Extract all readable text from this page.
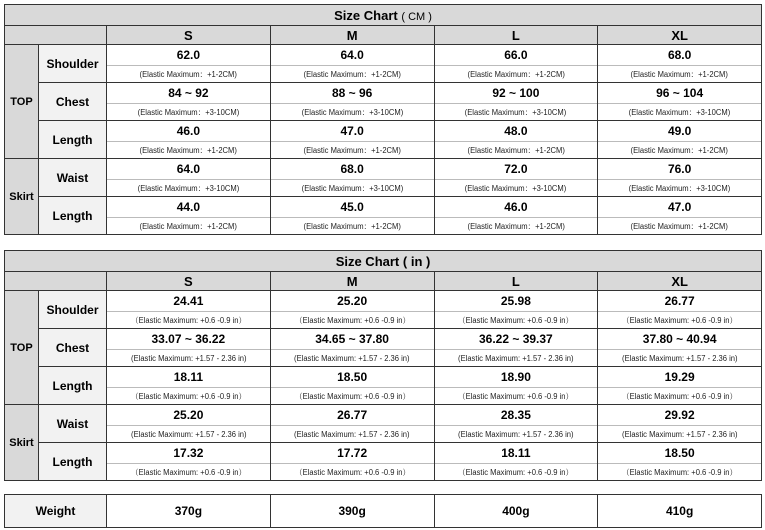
Size Chart ( CM )					
		S	M	L	XL
TOP	Shoulder	62.0	64.0	66.0	68.0
		(Elastic Maximum：+1-2CM)	(Elastic Maximum：+1-2CM)	(Elastic Maximum：+1-2CM)	(Elastic Maximum：+1-2CM)
	Chest	84 ~ 92	88 ~ 96	92 ~ 100	96 ~ 104
		(Elastic Maximum：+3-10CM)	(Elastic Maximum：+3-10CM)	(Elastic Maximum：+3-10CM)	(Elastic Maximum：+3-10CM)
	Length	46.0	47.0	48.0	49.0
		(Elastic Maximum：+1-2CM)	(Elastic Maximum：+1-2CM)	(Elastic Maximum：+1-2CM)	(Elastic Maximum：+1-2CM)
Skirt	Waist	64.0	68.0	72.0	76.0
		(Elastic Maximum：+3-10CM)	(Elastic Maximum：+3-10CM)	(Elastic Maximum：+3-10CM)	(Elastic Maximum：+3-10CM)
	Length	44.0	45.0	46.0	47.0
		(Elastic Maximum：+1-2CM)	(Elastic Maximum：+1-2CM)	(Elastic Maximum：+1-2CM)	(Elastic Maximum：+1-2CM)
Size Chart ( in )					
		S	M	L	XL
TOP	Shoulder	24.41	25.20	25.98	26.77
		（Elastic Maximum: +0.6 -0.9 in）	（Elastic Maximum: +0.6 -0.9 in）	（Elastic Maximum: +0.6 -0.9 in）	（Elastic Maximum: +0.6 -0.9 in）
	Chest	33.07 ~ 36.22	34.65 ~ 37.80	36.22 ~ 39.37	37.80 ~ 40.94
		(Elastic Maximum: +1.57 - 2.36 in)	(Elastic Maximum: +1.57 - 2.36 in)	(Elastic Maximum: +1.57 - 2.36 in)	(Elastic Maximum: +1.57 - 2.36 in)
	Length	18.11	18.50	18.90	19.29
		（Elastic Maximum: +0.6 -0.9 in）	（Elastic Maximum: +0.6 -0.9 in）	（Elastic Maximum: +0.6 -0.9 in）	（Elastic Maximum: +0.6 -0.9 in）
Skirt	Waist	25.20	26.77	28.35	29.92
		(Elastic Maximum: +1.57 - 2.36 in)	(Elastic Maximum: +1.57 - 2.36 in)	(Elastic Maximum: +1.57 - 2.36 in)	(Elastic Maximum: +1.57 - 2.36 in)
	Length	17.32	17.72	18.11	18.50
		（Elastic Maximum: +0.6 -0.9 in）	（Elastic Maximum: +0.6 -0.9 in）	（Elastic Maximum: +0.6 -0.9 in）	（Elastic Maximum: +0.6 -0.9 in）
Weight	370g	390g	400g	410g
